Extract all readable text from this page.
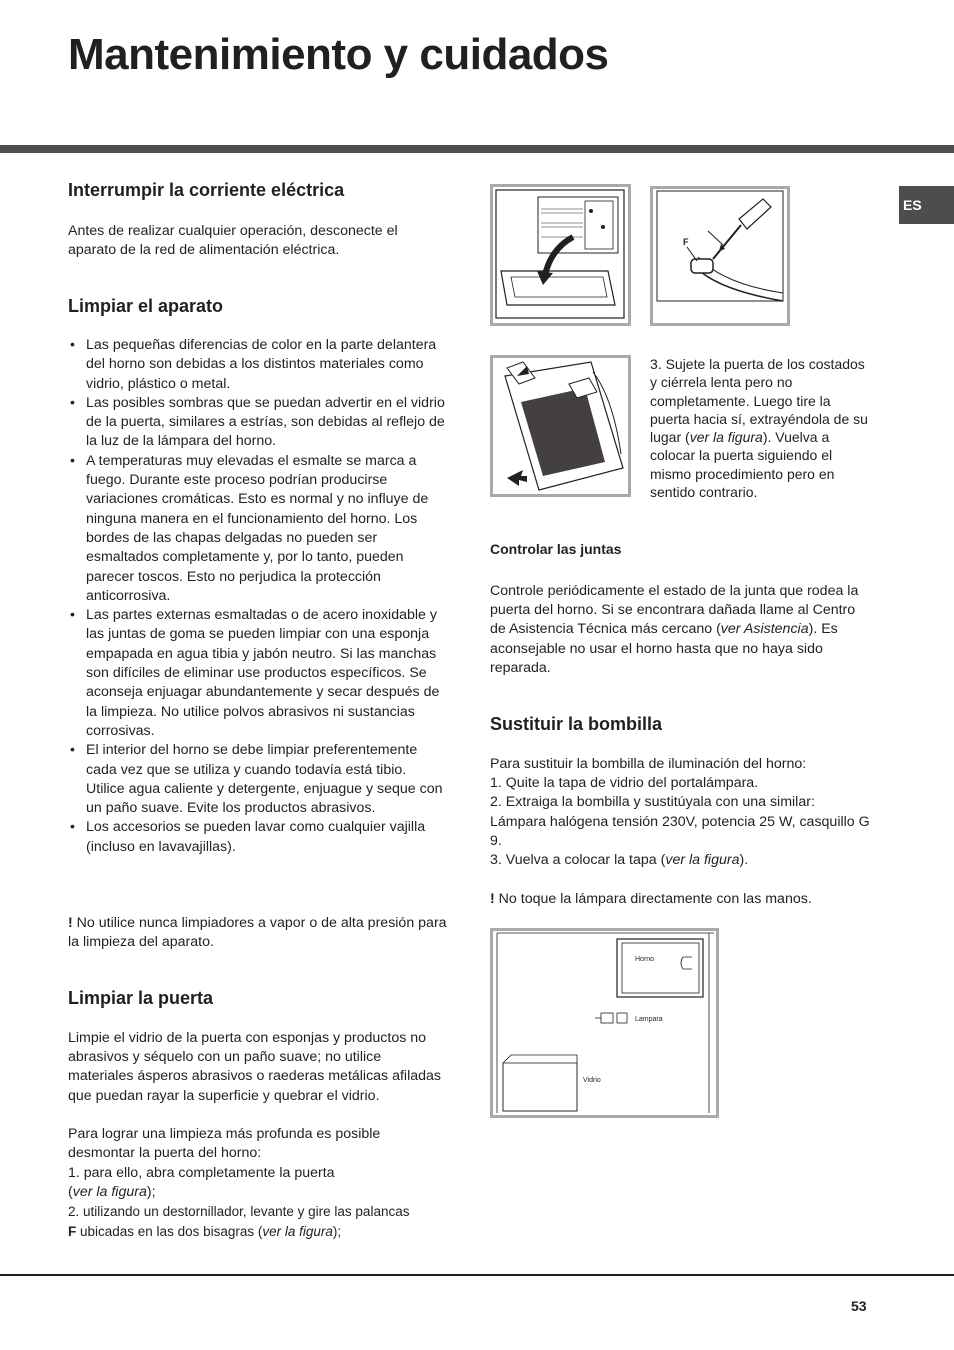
Mantenimiento y cuidados
ES
Interrumpir la corriente eléctrica

Antes de realizar cualquier operación, desconecte el aparato de la red de alimentación eléctrica.

Limpiar el aparato
• Las pequeñas diferencias de color en la parte delantera del horno son debidas a los distintos materiales como vidrio, plástico o metal.
• Las posibles sombras que se puedan advertir en el vidrio de la puerta, similares a estrías, son debidas al reflejo de la luz de la lámpara del horno.
• A temperaturas muy elevadas el esmalte se marca a fuego. Durante este proceso podrían producirse variaciones cromáticas. Esto es normal y no influye de ninguna manera en el funcionamiento del horno. Los bordes de las chapas delgadas no pueden ser esmaltados completamente y, por lo tanto, pueden parecer toscos. Esto no perjudica la protección anticorrosiva.
• Las partes externas esmaltadas o de acero inoxidable y las juntas de goma se pueden limpiar con una esponja empapada en agua tibia y jabón neutro. Si las manchas son difíciles de eliminar use productos específicos. Se aconseja enjuagar abundantemente y secar después de la limpieza. No utilice polvos abrasivos ni sustancias corrosivas.
• El interior del horno se debe limpiar preferentemente cada vez que se utiliza y cuando todavía está tibio. Utilice agua caliente y detergente, enjuague y seque con un paño suave. Evite los productos abrasivos.
• Los accesorios se pueden lavar como cualquier vajilla (incluso en lavavajillas).

! No utilice nunca limpiadores a vapor o de alta presión para la limpieza del aparato.

Limpiar la puerta

Limpie el vidrio de la puerta con esponjas y productos no abrasivos y séquelo con un paño suave; no utilice materiales ásperos abrasivos o raederas metálicas afiladas que puedan rayar la superficie y quebrar el vidrio.

Para lograr una limpieza más profunda es posible desmontar la puerta del horno:

1. para ello, abra completamente la puerta
(ver la figura);

2. utilizando un destornillador, levante y gire las palancas
F ubicadas en las dos bisagras (ver la figura);

F

3. Sujete la puerta de los costados y ciérrela lenta pero no completamente. Luego tire la puerta hacia sí, extrayéndola de su lugar (ver la figura). Vuelva a colocar la puerta siguiendo el mismo procedimiento pero en sentido contrario.

Controlar las juntas

Controle periódicamente el estado de la junta que rodea la puerta del horno. Si se encontrara dañada llame al Centro de Asistencia Técnica más cercano (ver Asistencia). Es aconsejable no usar el horno hasta que no haya sido reparada.

Sustituir la bombilla

Para sustituir la bombilla de iluminación del horno:
1. Quite la tapa de vidrio del portalámpara.
2. Extraiga la bombilla y sustitúyala con una similar: Lámpara halógena tensión 230V, potencia 25 W, casquillo G 9.
3. Vuelva a colocar la tapa (ver la figura).

! No toque la lámpara directamente con las manos.

Horno
Lampara
Vidrio
53
